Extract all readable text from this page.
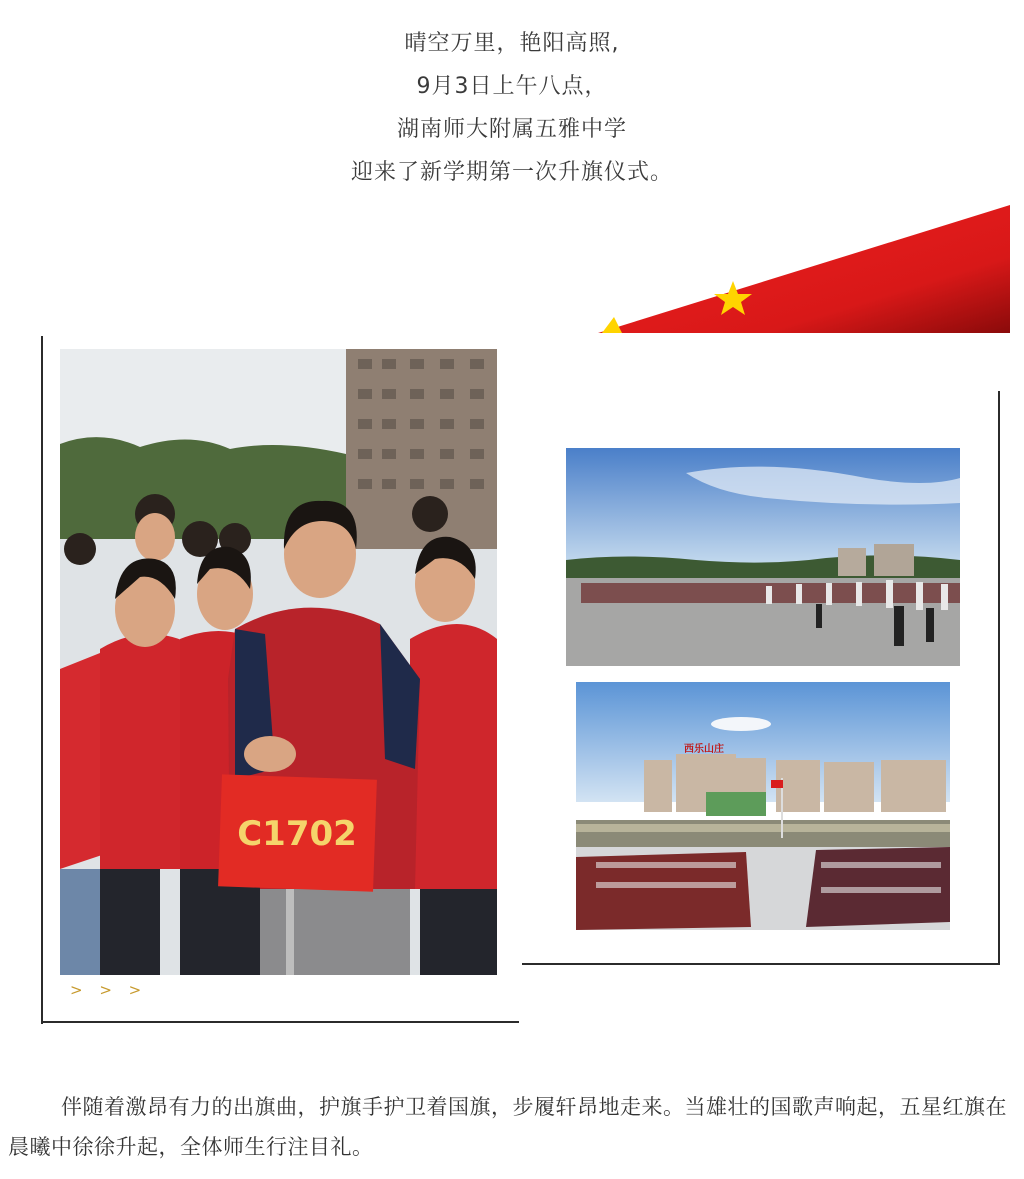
晴空万里，艳阳高照,
9月3日上午八点，
湖南师大附属五雅中学
迎来了新学期第一次升旗仪式。
C1702
西乐山庄
> > >
伴随着激昂有力的出旗曲，护旗手护卫着国旗，步履轩昂地走来。当雄壮的国歌声响起，五星红旗在晨曦中徐徐升起，全体师生行注目礼。
